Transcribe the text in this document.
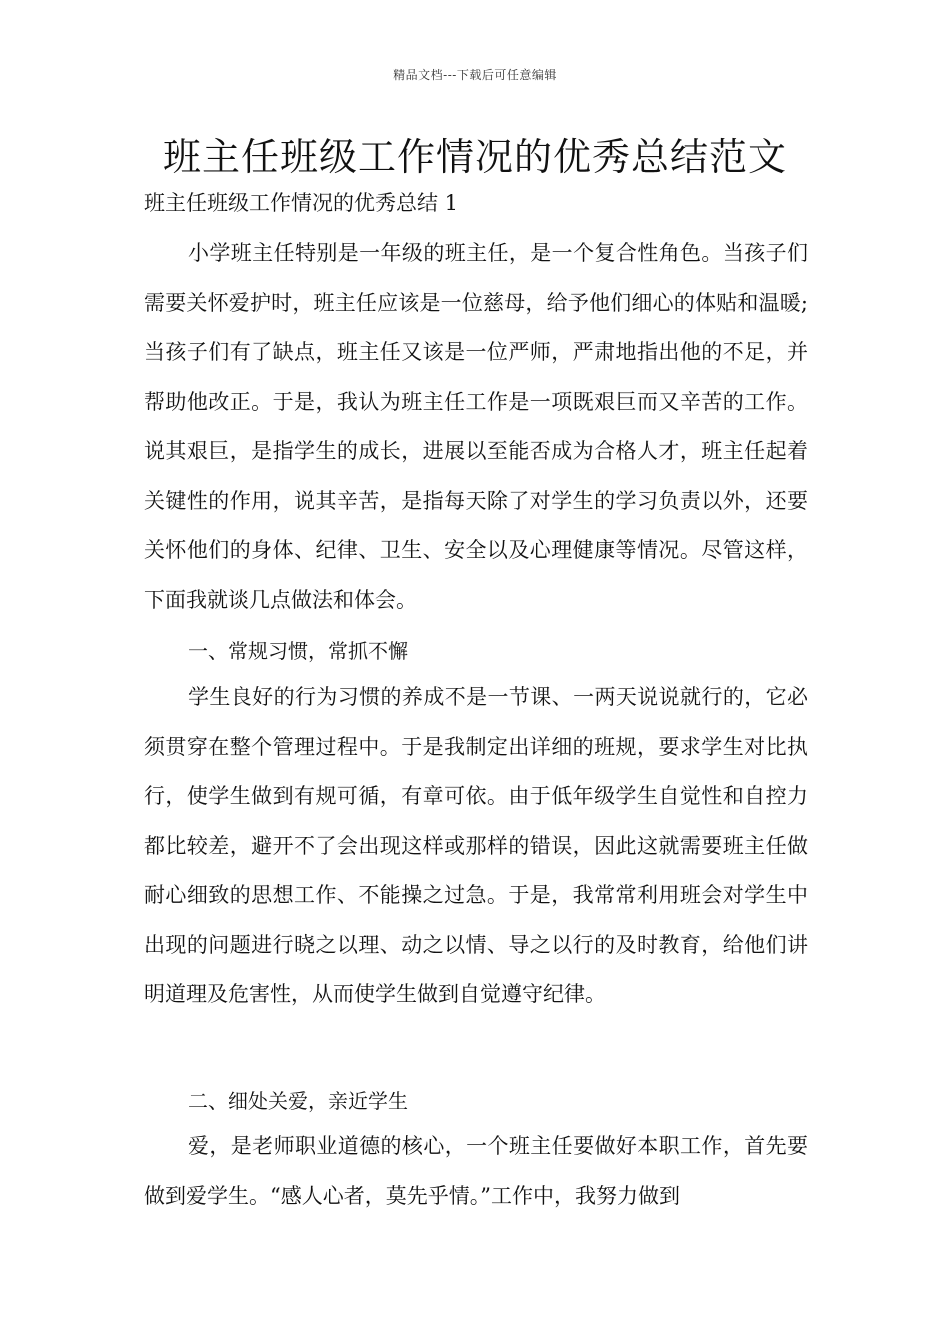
精品文档---下载后可任意编辑
班主任班级工作情况的优秀总结范文

班主任班级工作情况的优秀总结 1

小学班主任特别是一年级的班主任，是一个复合性角色。当孩子们需要关怀爱护时，班主任应该是一位慈母，给予他们细心的体贴和温暖;当孩子们有了缺点，班主任又该是一位严师，严肃地指出他的不足，并帮助他改正。于是，我认为班主任工作是一项既艰巨而又辛苦的工作。说其艰巨，是指学生的成长，进展以至能否成为合格人才，班主任起着关键性的作用，说其辛苦，是指每天除了对学生的学习负责以外，还要关怀他们的身体、纪律、卫生、安全以及心理健康等情况。尽管这样，下面我就谈几点做法和体会。

一、常规习惯，常抓不懈

学生良好的行为习惯的养成不是一节课、一两天说说就行的，它必须贯穿在整个管理过程中。于是我制定出详细的班规，要求学生对比执行，使学生做到有规可循，有章可依。由于低年级学生自觉性和自控力都比较差，避开不了会出现这样或那样的错误，因此这就需要班主任做耐心细致的思想工作、不能操之过急。于是，我常常利用班会对学生中出现的问题进行晓之以理、动之以情、导之以行的及时教育，给他们讲明道理及危害性，从而使学生做到自觉遵守纪律。

二、细处关爱，亲近学生

爱，是老师职业道德的核心，一个班主任要做好本职工作，首先要做到爱学生。“感人心者，莫先乎情。”工作中，我努力做到
